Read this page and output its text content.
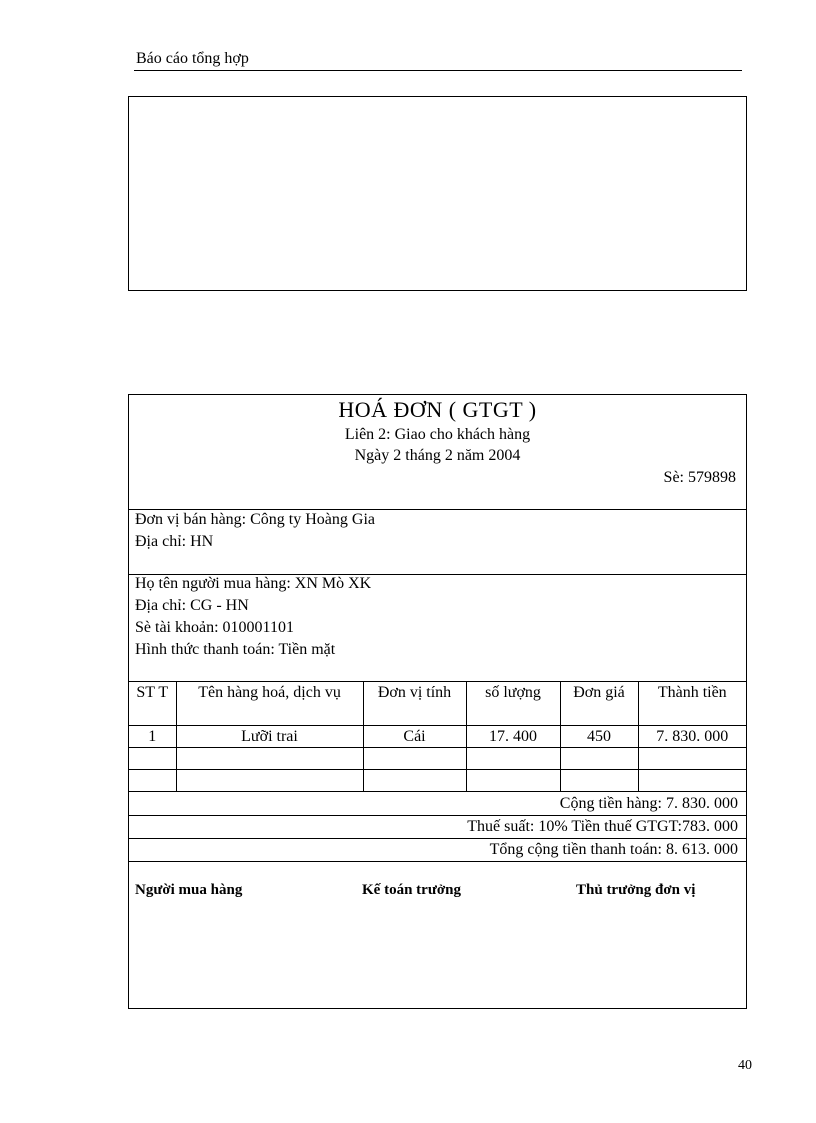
Báo cáo tổng hợp
HOÁ ĐƠN ( GTGT )
Liên 2: Giao cho khách hàng
Ngày 2 tháng 2 năm 2004
Sè: 579898
Đơn vị bán hàng: Công ty Hoàng Gia
Địa chỉ: HN
Họ tên người mua hàng: XN Mò XK
Địa chỉ: CG - HN
Sè tài khoản: 010001101
Hình thức thanh toán: Tiền mặt
ST T	Tên hàng hoá, dịch vụ	Đơn vị tính	số lượng	Đơn giá	Thành tiền
1	Lưỡi trai	Cái	17. 400	450	7. 830. 000

Cộng tiền hàng: 7. 830. 000
Thuế suất: 10% Tiền thuế GTGT:783. 000
Tổng cộng tiền thanh toán: 8. 613. 000
Người mua hàng	Kế toán trưởng	Thủ trưởng đơn vị
40
